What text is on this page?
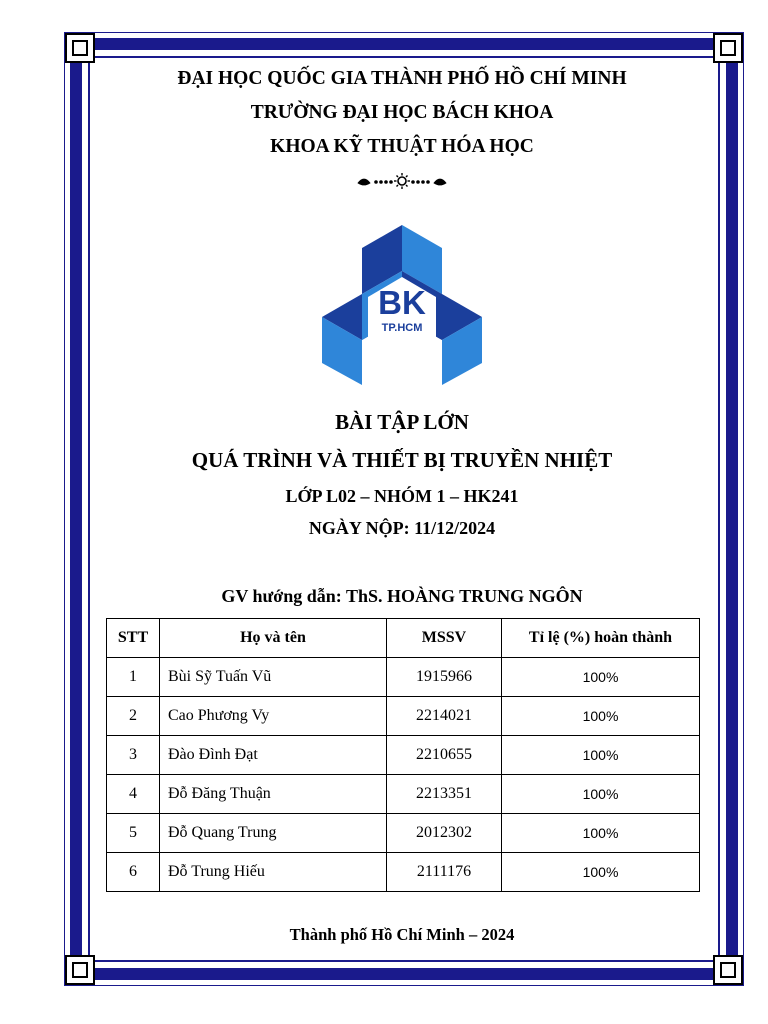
ĐẠI HỌC QUỐC GIA THÀNH PHỐ HỒ CHÍ MINH
TRƯỜNG ĐẠI HỌC BÁCH KHOA
KHOA KỸ THUẬT HÓA HỌC
BK
TP.HCM
BÀI TẬP LỚN
QUÁ TRÌNH VÀ THIẾT BỊ TRUYỀN NHIỆT
LỚP L02 – NHÓM 1 – HK241
NGÀY NỘP: 11/12/2024
GV hướng dẫn: ThS. HOÀNG TRUNG NGÔN
STT	Họ và tên	MSSV	Tỉ lệ (%) hoàn thành
1	Bùi Sỹ Tuấn Vũ	1915966	100%
2	Cao Phương Vy	2214021	100%
3	Đào Đình Đạt	2210655	100%
4	Đỗ Đăng Thuận	2213351	100%
5	Đỗ Quang Trung	2012302	100%
6	Đỗ Trung Hiếu	2111176	100%
Thành phố Hồ Chí Minh – 2024
